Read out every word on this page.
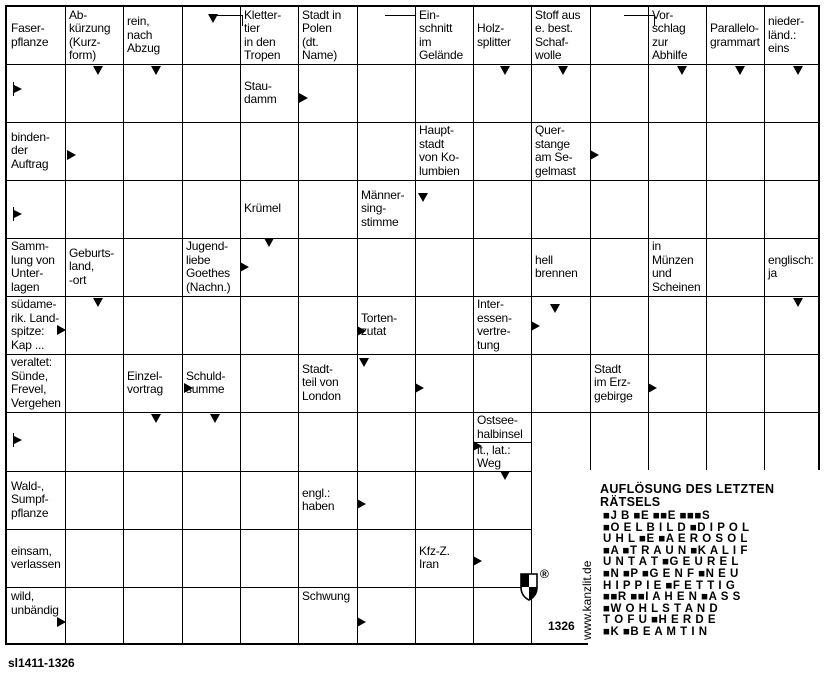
Faser-
pflanze
Ab-
kürzung
(Kurz-
form)
rein,
nach
Abzug
Kletter-
tier
in den
Tropen
Stadt in
Polen
(dt.
Name)
Ein-
schnitt
im
Gelände
Holz-
splitter
Stoff aus
e. best.
Schaf-
wolle
Vor-
schlag
zur
Abhilfe
Parallelo-
grammart
nieder-
länd.:
eins
Stau-
damm
binden-
der
Auftrag
Haupt-
stadt
von Ko-
lumbien
Quer-
stange
am Se-
gelmast
Krümel
Männer-
sing-
stimme
Samm-
lung von
Unter-
lagen
Geburts-
land,
-ort
Jugend-
liebe
Goethes
(Nachn.)
hell
brennen
in
Münzen
und
Scheinen
englisch:
ja
südame-
rik. Land-
spitze:
Kap ...
Torten-
zutat
Inter-
essen-
vertre-
tung
veraltet:
Sünde,
Frevel,
Vergehen
Einzel-
vortrag
Schuld-
summe
Stadt-
teil von
London
Stadt
im Erz-
gebirge
Ostsee-
halbinsel
it., lat.:
Weg
Wald-,
Sumpf-
pflanze
engl.:
haben
einsam,
verlassen
Kfz-Z.
Iran
wild,
unbändig
Schwung
AUFLÖSUNG DES LETZTEN
RÄTSELS
■J B ■E ■■E ■■■S
■O E L B I L D ■D I P O L
U H L ■E ■A E R O S O L
■A ■T R A U N ■K A L I F
U N T A T ■G E U R E L
■N ■P ■G E N F ■N E U
H I P P I E ■F E T T I G
■■R ■■I A H E N ■A S S
■W O H L S T A N D
T O F U ■H E R D E
■K ■B E A M T I N
®	www.kanzlit.de
1326
sl1411-1326
